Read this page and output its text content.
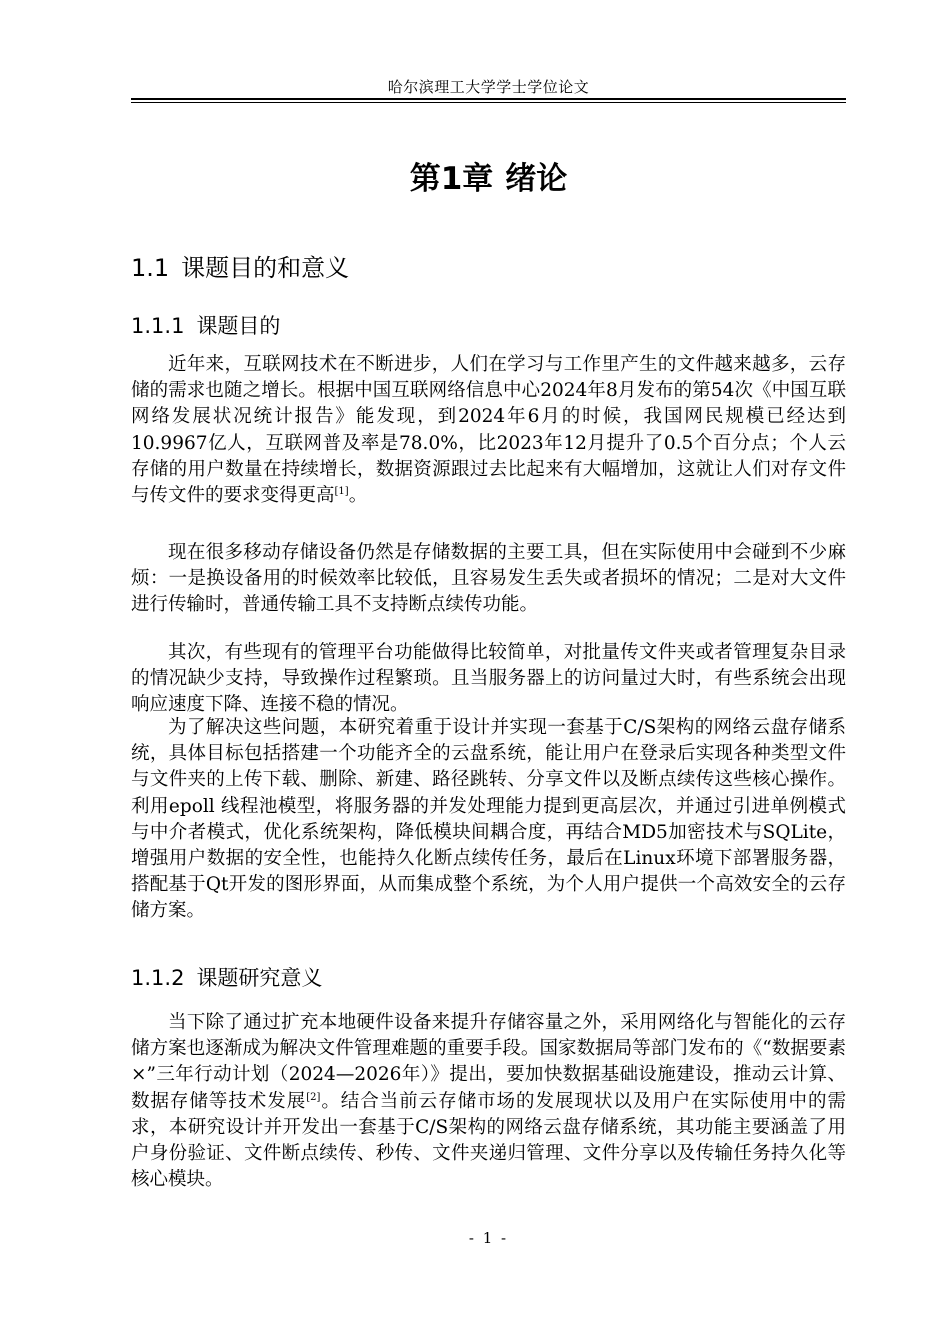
哈尔滨理工大学学士学位论文
第1章 绪论
1.1 课题目的和意义
1.1.1 课题目的
近年来，互联网技术在不断进步，人们在学习与工作里产生的文件越来越多，云存储的需求也随之增长。根据中国互联网络信息中心2024年8月发布的第54次《中国互联网络发展状况统计报告》能发现，到2024年6月的时候，我国网民规模已经达到10.9967亿人，互联网普及率是78.0%，比2023年12月提升了0.5个百分点；个人云存储的用户数量在持续增长，数据资源跟过去比起来有大幅增加，这就让人们对存文件与传文件的要求变得更高[1]。
现在很多移动存储设备仍然是存储数据的主要工具，但在实际使用中会碰到不少麻烦：一是换设备用的时候效率比较低，且容易发生丢失或者损坏的情况；二是对大文件进行传输时，普通传输工具不支持断点续传功能。
其次，有些现有的管理平台功能做得比较简单，对批量传文件夹或者管理复杂目录的情况缺少支持，导致操作过程繁琐。且当服务器上的访问量过大时，有些系统会出现响应速度下降、连接不稳的情况。
为了解决这些问题，本研究着重于设计并实现一套基于C/S架构的网络云盘存储系统，具体目标包括搭建一个功能齐全的云盘系统，能让用户在登录后实现各种类型文件与文件夹的上传下载、删除、新建、路径跳转、分享文件以及断点续传这些核心操作。利用epoll 线程池模型，将服务器的并发处理能力提到更高层次，并通过引进单例模式与中介者模式，优化系统架构，降低模块间耦合度，再结合MD5加密技术与SQLite，增强用户数据的安全性，也能持久化断点续传任务，最后在Linux环境下部署服务器，搭配基于Qt开发的图形界面，从而集成整个系统，为个人用户提供一个高效安全的云存储方案。
1.1.2 课题研究意义
当下除了通过扩充本地硬件设备来提升存储容量之外，采用网络化与智能化的云存储方案也逐渐成为解决文件管理难题的重要手段。国家数据局等部门发布的《“数据要素×”三年行动计划（2024—2026年）》提出，要加快数据基础设施建设，推动云计算、数据存储等技术发展[2]。结合当前云存储市场的发展现状以及用户在实际使用中的需求，本研究设计并开发出一套基于C/S架构的网络云盘存储系统，其功能主要涵盖了用户身份验证、文件断点续传、秒传、文件夹递归管理、文件分享以及传输任务持久化等核心模块。
- 1 -
